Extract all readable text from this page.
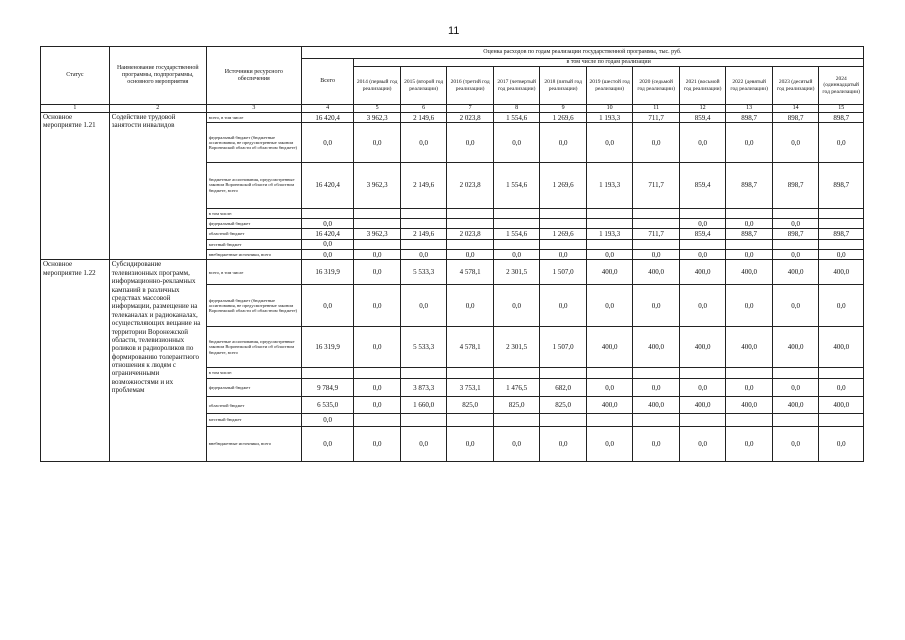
11
Статус	Наименование государственной программы, подпрограммы, основного мероприятия	Источники ресурсного обеспечения	Оценка расходов по годам реализации государственной программы, тыс. руб.											
			Всего	в том числе по годам реализации										
				2014 (первый год реализации)	2015 (второй год реализации)	2016 (третий год реализации)	2017 (четвертый год реализации)	2018 (пятый год реализации)	2019 (шестой год реализации)	2020 (седьмой год реализации)	2021 (восьмой год реализации)	2022 (девятый год реализации)	2023 (десятый год реализации)	2024 (одиннадцатый год реализации)
1	2	3	4	5	6	7	8	9	10	11	12	13	14	15
Основное мероприятие 1.21	Содействие трудовой занятости инвалидов	всего, в том числе	16 420,4	3 962,3	2 149,6	2 023,8	1 554,6	1 269,6	1 193,3	711,7	859,4	898,7	898,7	898,7
		федеральный бюджет (бюджетные ассигнования, не предусмотренные законом Воронежской области об областном бюджете)	0,0	0,0	0,0	0,0	0,0	0,0	0,0	0,0	0,0	0,0	0,0	0,0
		бюджетные ассигнования, предусмотренные законом Воронежской области об областном бюджете, всего	16 420,4	3 962,3	2 149,6	2 023,8	1 554,6	1 269,6	1 193,3	711,7	859,4	898,7	898,7	898,7
		в том числе:												
		федеральный бюджет	0,0								0,0	0,0	0,0	
		областной бюджет	16 420,4	3 962,3	2 149,6	2 023,8	1 554,6	1 269,6	1 193,3	711,7	859,4	898,7	898,7	898,7
		местный бюджет	0,0											
		внебюджетные источники, всего	0,0	0,0	0,0	0,0	0,0	0,0	0,0	0,0	0,0	0,0	0,0	0,0
Основное мероприятие 1.22	Субсидирование телевизионных программ, информационно-рекламных кампаний в различных средствах массовой информации, размещение на телеканалах и радиоканалах, осуществляющих вещание на территории Воронежской области, телевизионных роликов и радиороликов по формированию толерантного отношения к людям с ограниченными возможностями и их проблемам	всего, в том числе	16 319,9	0,0	5 533,3	4 578,1	2 301,5	1 507,0	400,0	400,0	400,0	400,0	400,0	400,0
		федеральный бюджет (бюджетные ассигнования, не предусмотренные законом Воронежской области об областном бюджете)	0,0	0,0	0,0	0,0	0,0	0,0	0,0	0,0	0,0	0,0	0,0	0,0
		бюджетные ассигнования, предусмотренные законом Воронежской области об областном бюджете, всего	16 319,9	0,0	5 533,3	4 578,1	2 301,5	1 507,0	400,0	400,0	400,0	400,0	400,0	400,0
		в том числе:												
		федеральный бюджет	9 784,9	0,0	3 873,3	3 753,1	1 476,5	682,0	0,0	0,0	0,0	0,0	0,0	0,0
		областной бюджет	6 535,0	0,0	1 660,0	825,0	825,0	825,0	400,0	400,0	400,0	400,0	400,0	400,0
		местный бюджет	0,0											
		внебюджетные источники, всего	0,0	0,0	0,0	0,0	0,0	0,0	0,0	0,0	0,0	0,0	0,0	0,0
